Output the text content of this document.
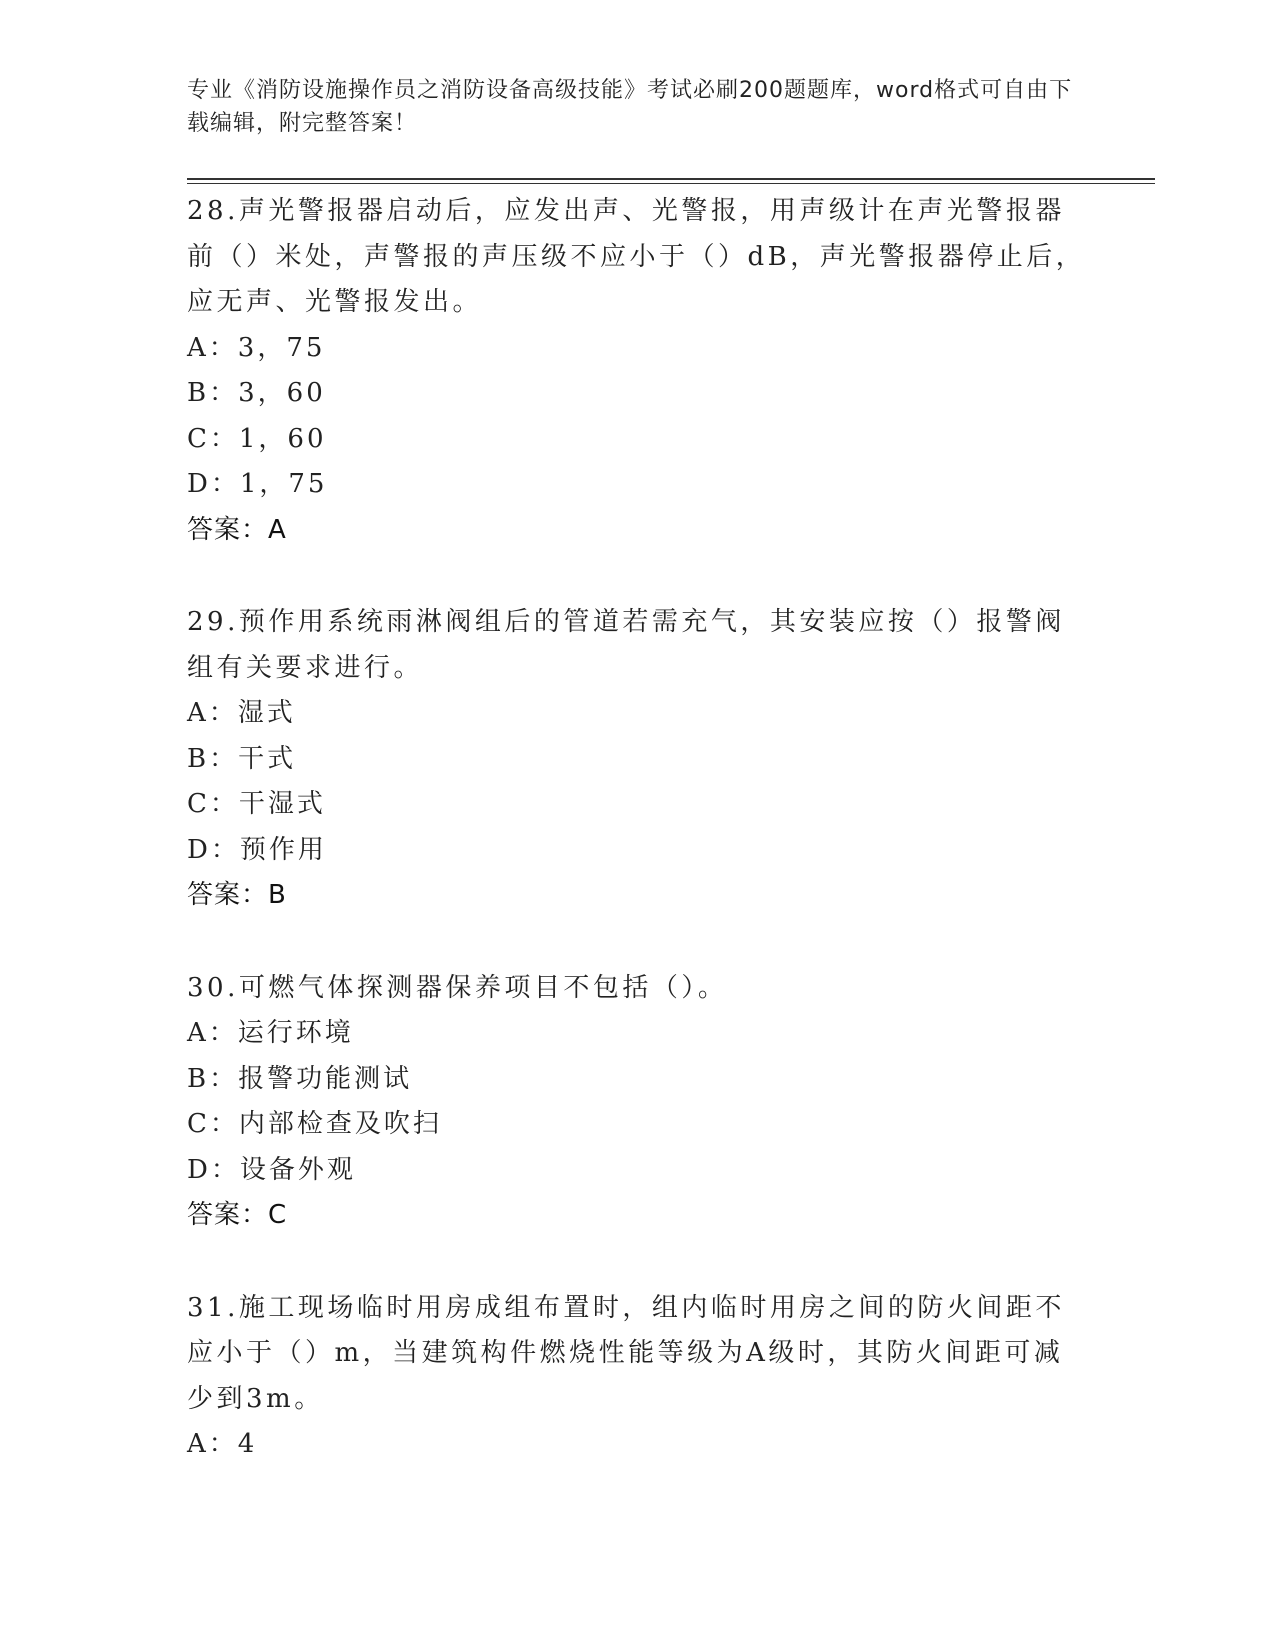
专业《消防设施操作员之消防设备高级技能》考试必刷200题题库，word格式可自由下载编辑，附完整答案！

28.声光警报器启动后，应发出声、光警报，用声级计在声光警报器前（）米处，声警报的声压级不应小于（）dB，声光警报器停止后，应无声、光警报发出。

A：3，75

B：3，60

C：1，60

D：1，75

答案：A

29.预作用系统雨淋阀组后的管道若需充气，其安装应按（）报警阀组有关要求进行。

A：湿式

B：干式

C：干湿式

D：预作用

答案：B

30.可燃气体探测器保养项目不包括（）。

A：运行环境

B：报警功能测试

C：内部检查及吹扫

D：设备外观

答案：C

31.施工现场临时用房成组布置时，组内临时用房之间的防火间距不应小于（）m，当建筑构件燃烧性能等级为A级时，其防火间距可减少到3m。

A：4
